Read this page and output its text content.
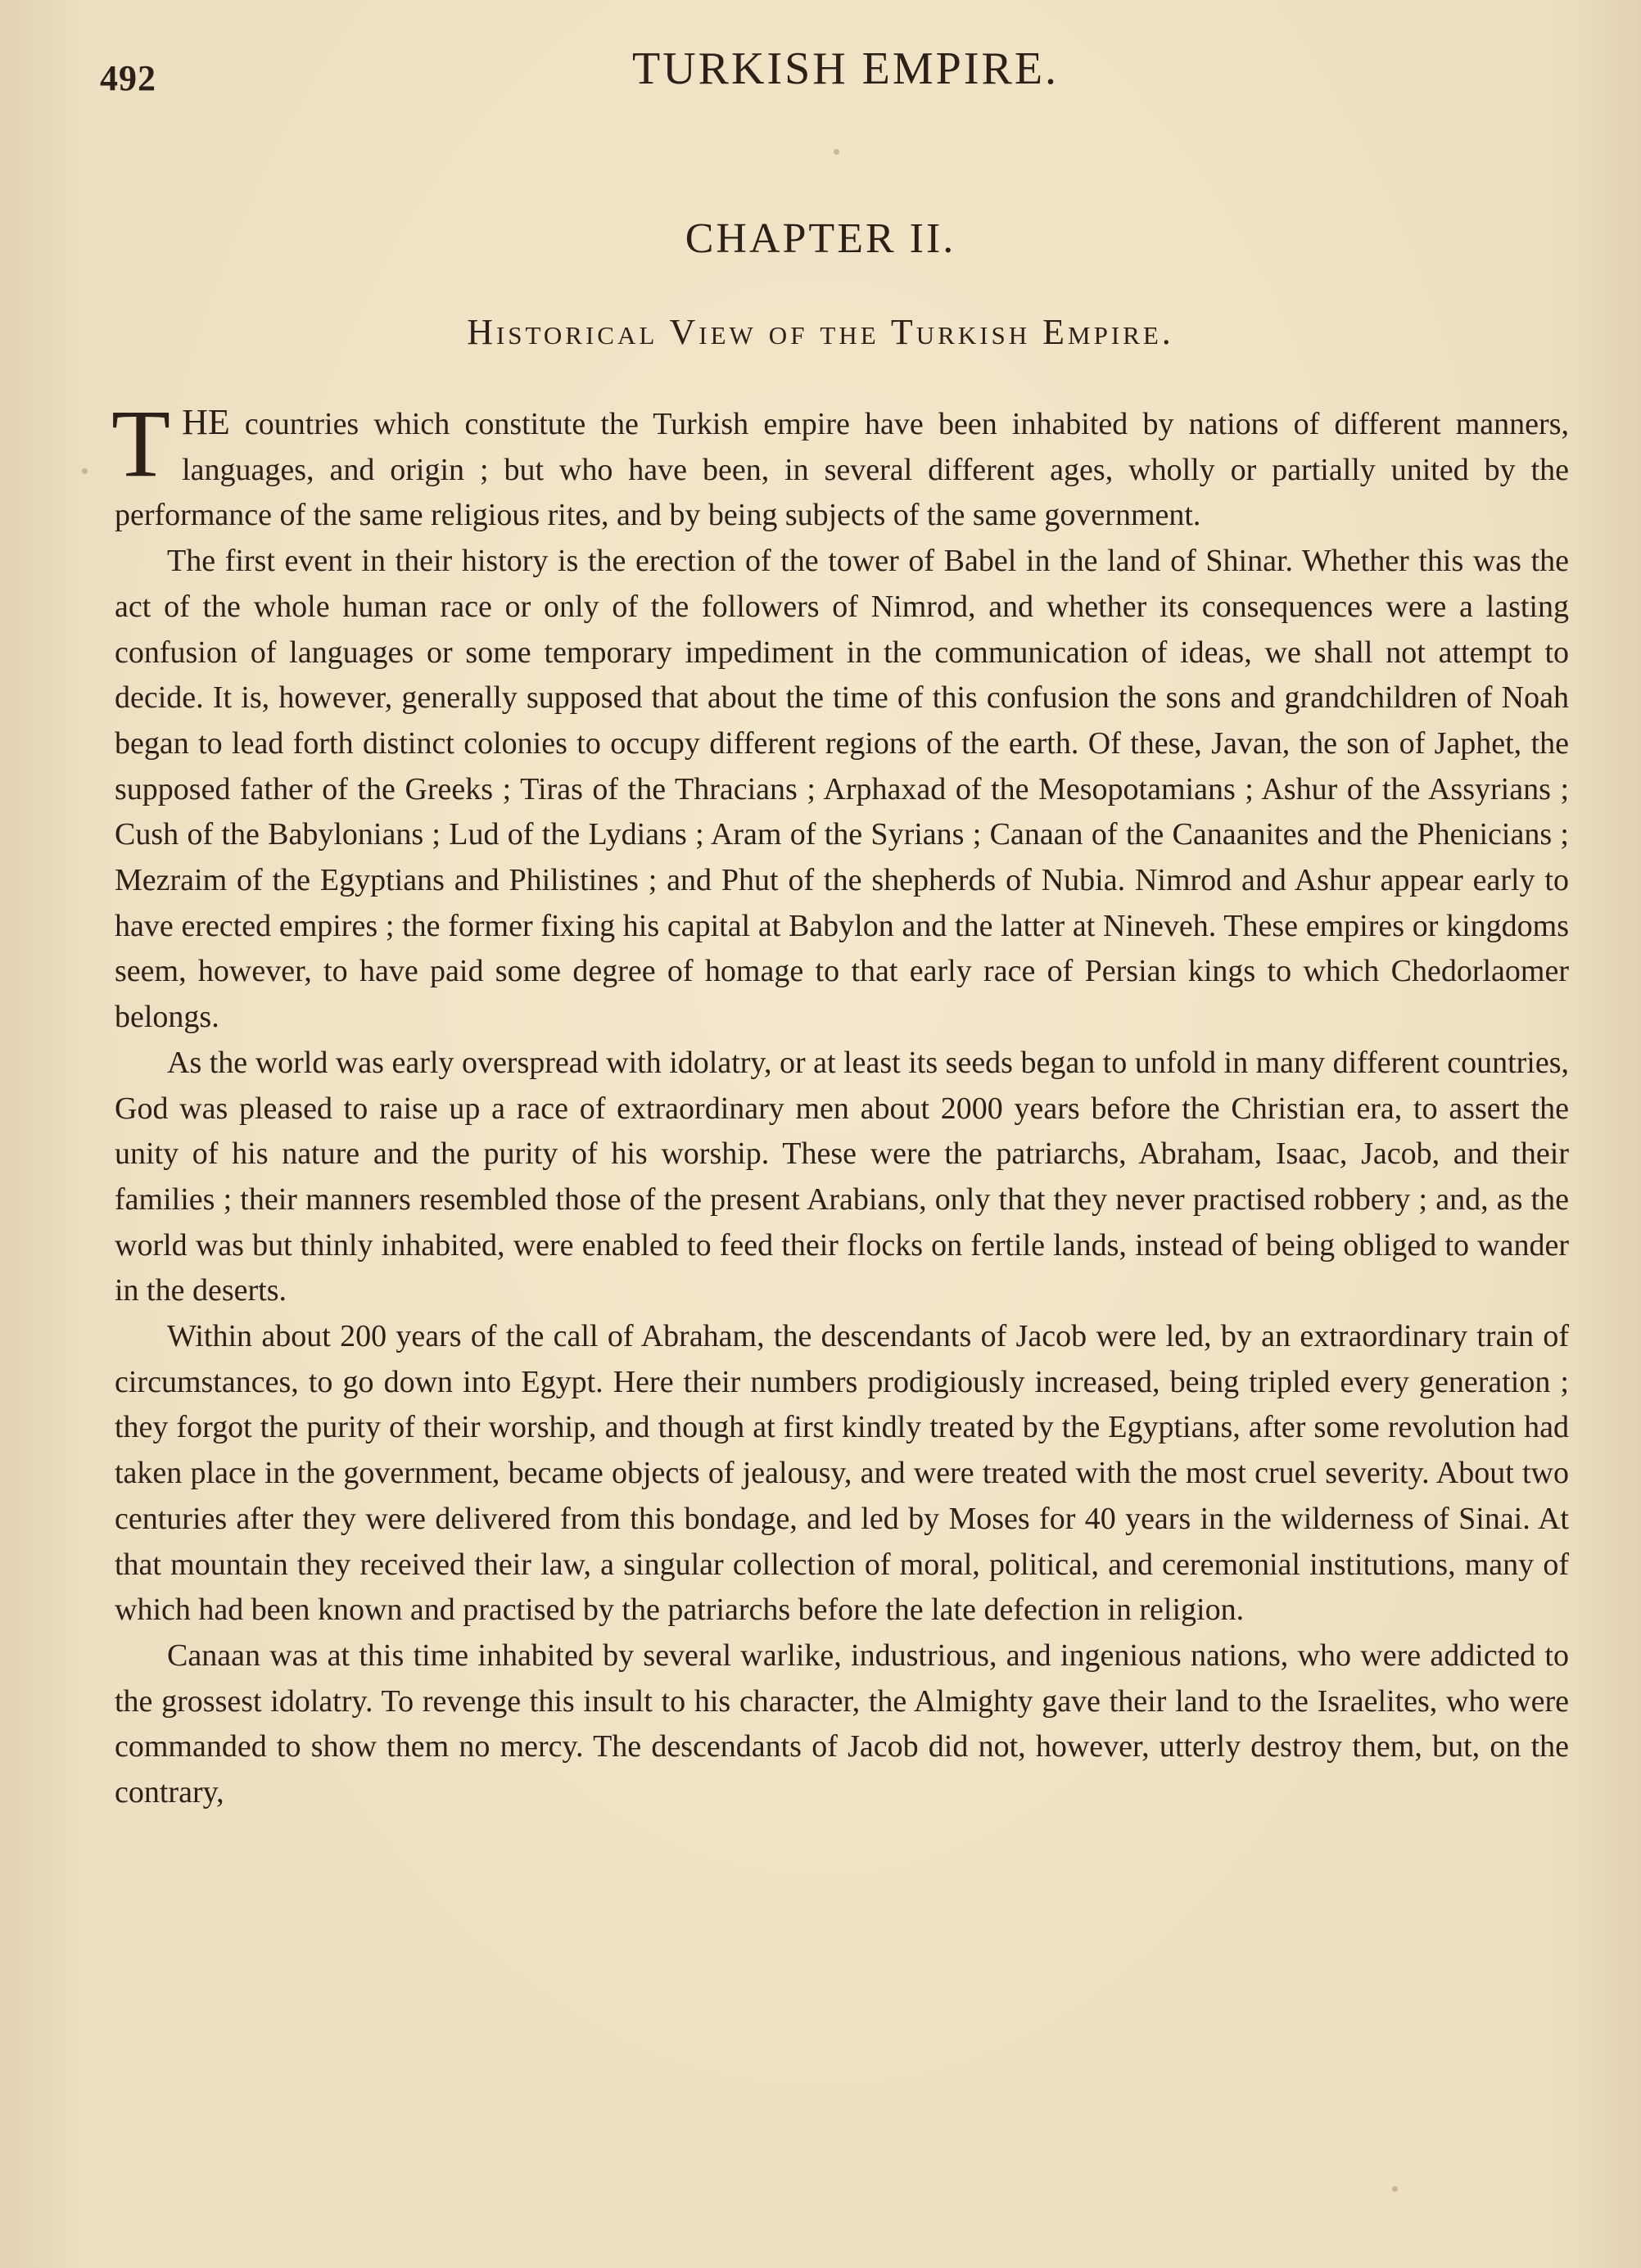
492	TURKISH EMPIRE.
CHAPTER II.
Historical View of the Turkish Empire.

THE countries which constitute the Turkish empire have been inhabited by nations of different manners, languages, and origin ; but who have been, in several different ages, wholly or partially united by the performance of the same religious rites, and by being subjects of the same government.

The first event in their history is the erection of the tower of Babel in the land of Shinar. Whether this was the act of the whole human race or only of the followers of Nimrod, and whether its consequences were a lasting confusion of languages or some temporary impediment in the communication of ideas, we shall not attempt to decide. It is, however, generally supposed that about the time of this confusion the sons and grandchildren of Noah began to lead forth distinct colonies to occupy different regions of the earth. Of these, Javan, the son of Japhet, the supposed father of the Greeks ; Tiras of the Thracians ; Arphaxad of the Mesopotamians ; Ashur of the Assyrians ; Cush of the Babylonians ; Lud of the Lydians ; Aram of the Syrians ; Canaan of the Canaanites and the Phenicians ; Mezraim of the Egyptians and Philistines ; and Phut of the shepherds of Nubia. Nimrod and Ashur appear early to have erected empires ; the former fixing his capital at Babylon and the latter at Nineveh. These empires or kingdoms seem, however, to have paid some degree of homage to that early race of Persian kings to which Chedorlaomer belongs.

As the world was early overspread with idolatry, or at least its seeds began to unfold in many different countries, God was pleased to raise up a race of extraordinary men about 2000 years before the Christian era, to assert the unity of his nature and the purity of his worship. These were the patriarchs, Abraham, Isaac, Jacob, and their families ; their manners resembled those of the present Arabians, only that they never practised robbery ; and, as the world was but thinly inhabited, were enabled to feed their flocks on fertile lands, instead of being obliged to wander in the deserts.

Within about 200 years of the call of Abraham, the descendants of Jacob were led, by an extraordinary train of circumstances, to go down into Egypt. Here their numbers prodigiously increased, being tripled every generation ; they forgot the purity of their worship, and though at first kindly treated by the Egyptians, after some revolution had taken place in the government, became objects of jealousy, and were treated with the most cruel severity. About two centuries after they were delivered from this bondage, and led by Moses for 40 years in the wilderness of Sinai. At that mountain they received their law, a singular collection of moral, political, and ceremonial institutions, many of which had been known and practised by the patriarchs before the late defection in religion.

Canaan was at this time inhabited by several warlike, industrious, and ingenious nations, who were addicted to the grossest idolatry. To revenge this insult to his character, the Almighty gave their land to the Israelites, who were commanded to show them no mercy. The descendants of Jacob did not, however, utterly destroy them, but, on the contrary,
